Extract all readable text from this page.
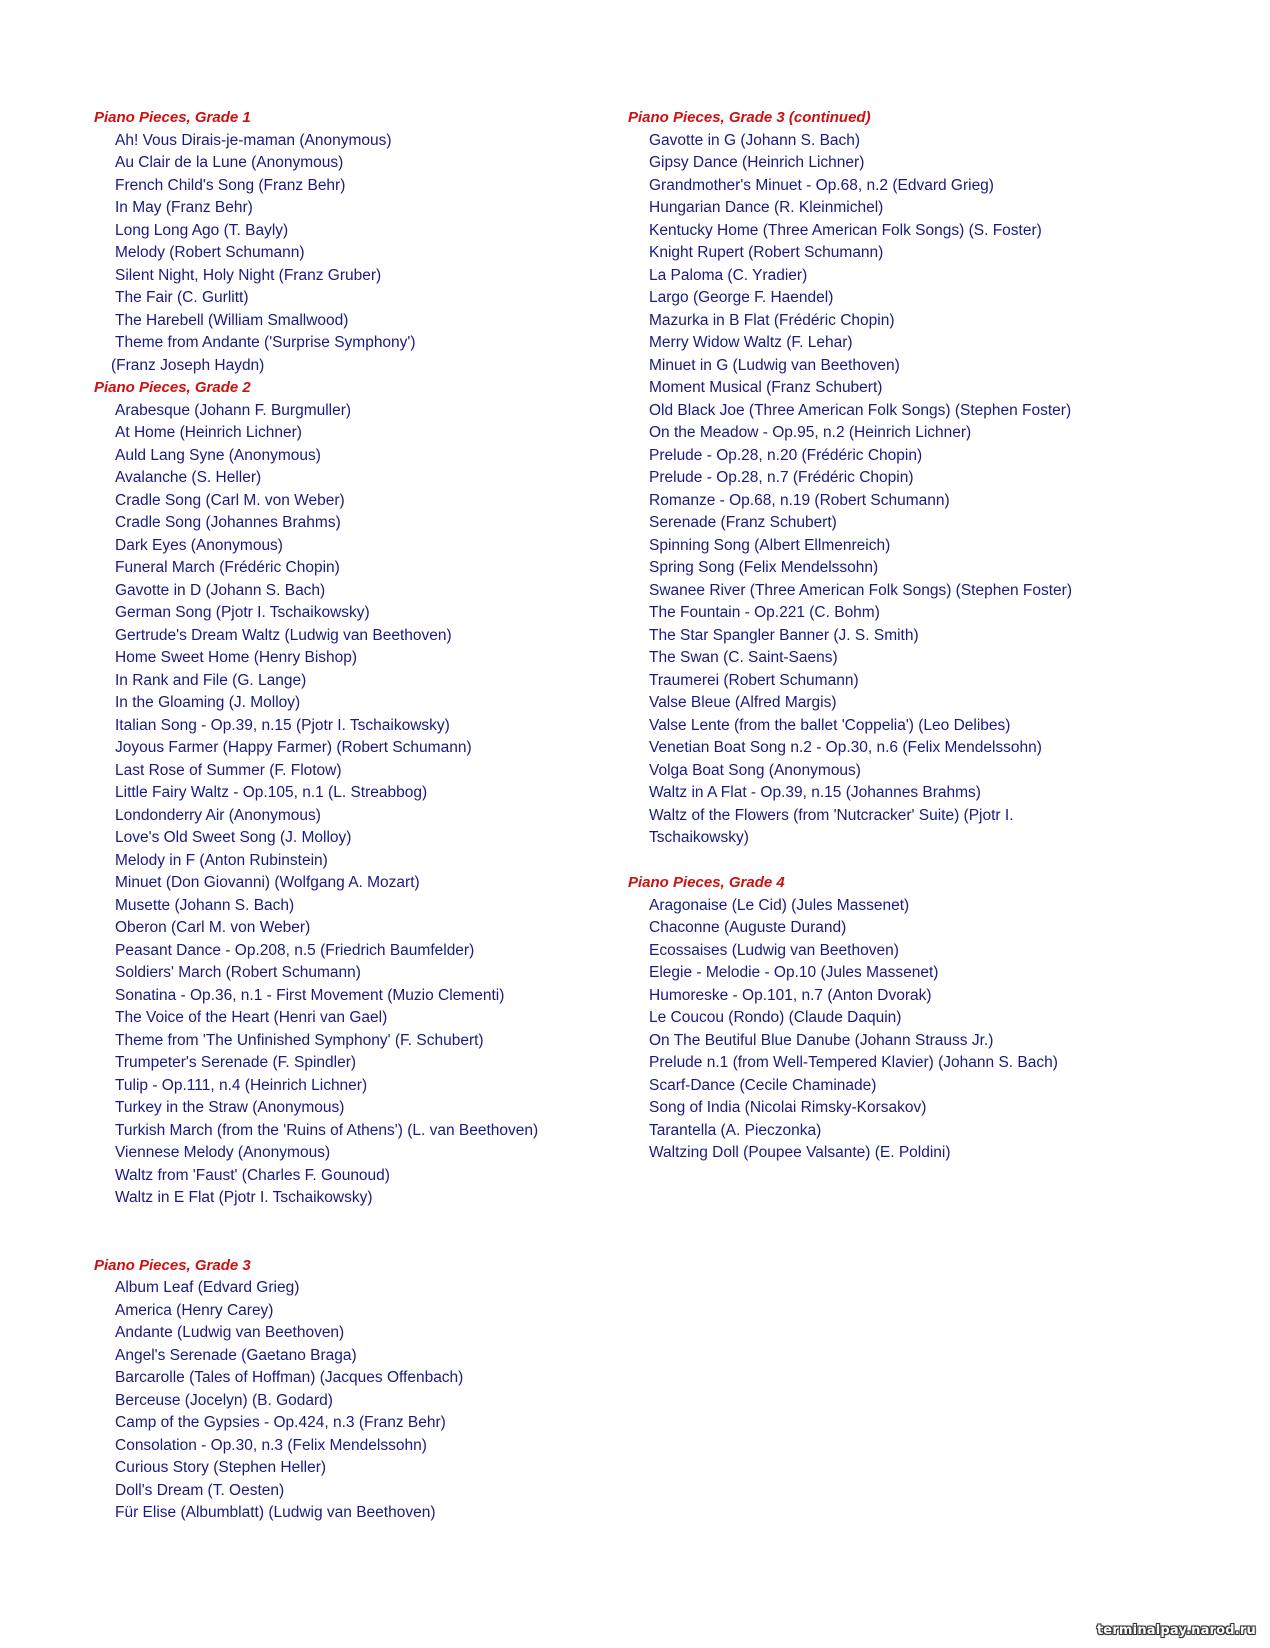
Piano Pieces, Grade 1
Ah! Vous Dirais-je-maman (Anonymous)
Au Clair de la Lune (Anonymous)
French Child's Song (Franz Behr)
In May (Franz Behr)
Long Long Ago (T. Bayly)
Melody (Robert Schumann)
Silent Night, Holy Night (Franz Gruber)
The Fair (C. Gurlitt)
The Harebell (William Smallwood)
Theme from Andante ('Surprise Symphony')
(Franz Joseph Haydn)
Piano Pieces, Grade 2
Arabesque (Johann F. Burgmuller)
At Home (Heinrich Lichner)
Auld Lang Syne (Anonymous)
Avalanche (S. Heller)
Cradle Song (Carl M. von Weber)
Cradle Song (Johannes Brahms)
Dark Eyes (Anonymous)
Funeral March (Frédéric Chopin)
Gavotte in D (Johann S. Bach)
German Song (Pjotr I. Tschaikowsky)
Gertrude's Dream Waltz (Ludwig van Beethoven)
Home Sweet Home (Henry Bishop)
In Rank and File (G. Lange)
In the Gloaming (J. Molloy)
Italian Song - Op.39, n.15 (Pjotr I. Tschaikowsky)
Joyous Farmer (Happy Farmer) (Robert Schumann)
Last Rose of Summer (F. Flotow)
Little Fairy Waltz - Op.105, n.1 (L. Streabbog)
Londonderry Air (Anonymous)
Love's Old Sweet Song (J. Molloy)
Melody in F (Anton Rubinstein)
Minuet (Don Giovanni) (Wolfgang A. Mozart)
Musette (Johann S. Bach)
Oberon (Carl M. von Weber)
Peasant Dance - Op.208, n.5 (Friedrich Baumfelder)
Soldiers' March (Robert Schumann)
Sonatina - Op.36, n.1 - First Movement (Muzio Clementi)
The Voice of the Heart (Henri van Gael)
Theme from 'The Unfinished Symphony' (F. Schubert)
Trumpeter's Serenade (F. Spindler)
Tulip - Op.111, n.4 (Heinrich Lichner)
Turkey in the Straw (Anonymous)
Turkish March (from the 'Ruins of Athens') (L. van Beethoven)
Viennese Melody (Anonymous)
Waltz from 'Faust' (Charles F. Gounoud)
Waltz in E Flat (Pjotr I. Tschaikowsky)
Piano Pieces, Grade 3
Album Leaf (Edvard Grieg)
America (Henry Carey)
Andante (Ludwig van Beethoven)
Angel's Serenade (Gaetano Braga)
Barcarolle (Tales of Hoffman) (Jacques Offenbach)
Berceuse (Jocelyn) (B. Godard)
Camp of the Gypsies - Op.424, n.3 (Franz Behr)
Consolation - Op.30, n.3 (Felix Mendelssohn)
Curious Story (Stephen Heller)
Doll's Dream (T. Oesten)
Für Elise (Albumblatt) (Ludwig van Beethoven)
Piano Pieces, Grade 3 (continued)
Gavotte in G (Johann S. Bach)
Gipsy Dance (Heinrich Lichner)
Grandmother's Minuet - Op.68, n.2 (Edvard Grieg)
Hungarian Dance (R. Kleinmichel)
Kentucky Home (Three American Folk Songs) (S. Foster)
Knight Rupert (Robert Schumann)
La Paloma (C. Yradier)
Largo (George F. Haendel)
Mazurka in B Flat (Frédéric Chopin)
Merry Widow Waltz (F. Lehar)
Minuet in G (Ludwig van Beethoven)
Moment Musical (Franz Schubert)
Old Black Joe (Three American Folk Songs) (Stephen Foster)
On the Meadow - Op.95, n.2 (Heinrich Lichner)
Prelude - Op.28, n.20 (Frédéric Chopin)
Prelude - Op.28, n.7 (Frédéric Chopin)
Romanze - Op.68, n.19 (Robert Schumann)
Serenade (Franz Schubert)
Spinning Song (Albert Ellmenreich)
Spring Song (Felix Mendelssohn)
Swanee River (Three American Folk Songs) (Stephen Foster)
The Fountain - Op.221 (C. Bohm)
The Star Spangler Banner (J. S. Smith)
The Swan (C. Saint-Saens)
Traumerei (Robert Schumann)
Valse Bleue (Alfred Margis)
Valse Lente (from the ballet 'Coppelia') (Leo Delibes)
Venetian Boat Song n.2 - Op.30, n.6 (Felix Mendelssohn)
Volga Boat Song (Anonymous)
Waltz in A Flat - Op.39, n.15 (Johannes Brahms)
Waltz of the Flowers (from 'Nutcracker' Suite) (Pjotr I.
Tschaikowsky)
Piano Pieces, Grade 4
Aragonaise (Le Cid) (Jules Massenet)
Chaconne (Auguste Durand)
Ecossaises (Ludwig van Beethoven)
Elegie - Melodie - Op.10 (Jules Massenet)
Humoreske - Op.101, n.7 (Anton Dvorak)
Le Coucou (Rondo) (Claude Daquin)
On The Beutiful Blue Danube (Johann Strauss Jr.)
Prelude n.1 (from Well-Tempered Klavier) (Johann S. Bach)
Scarf-Dance (Cecile Chaminade)
Song of India (Nicolai Rimsky-Korsakov)
Tarantella (A. Pieczonka)
Waltzing Doll (Poupee Valsante) (E. Poldini)
terminalpay.narod.ru
